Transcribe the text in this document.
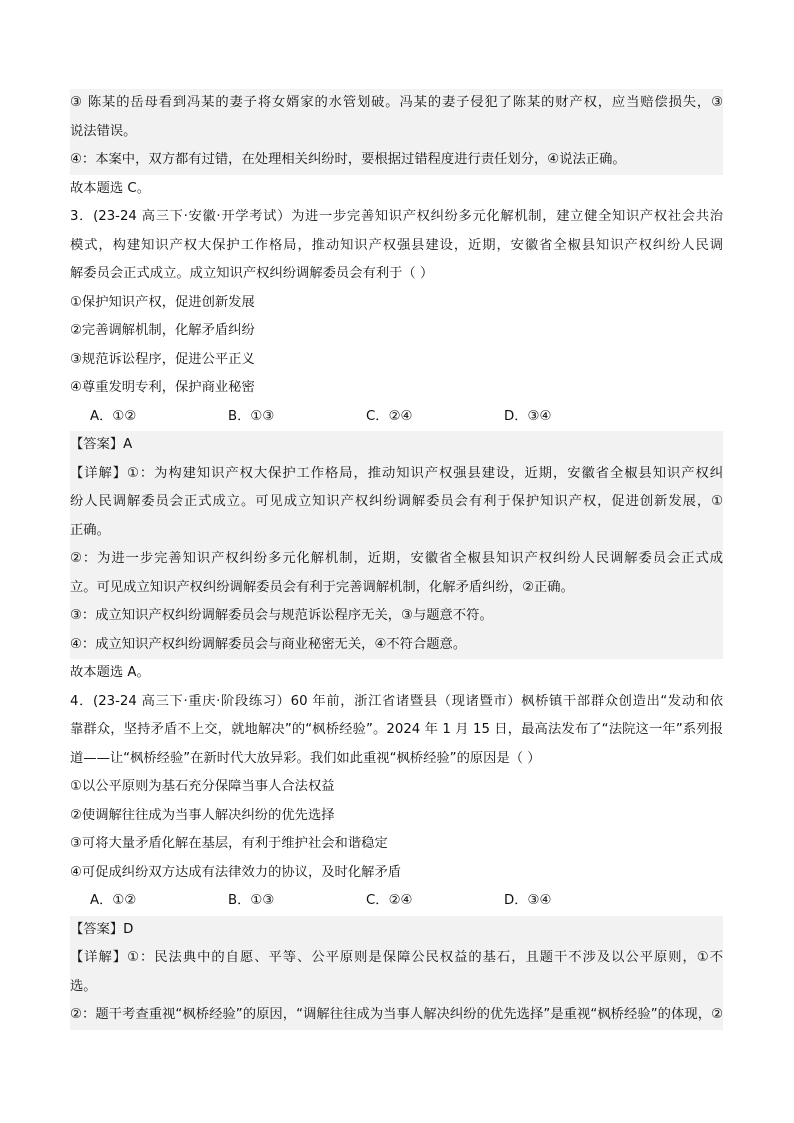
③ 陈某的岳母看到冯某的妻子将女婿家的水管划破。冯某的妻子侵犯了陈某的财产权，应当赔偿损失，③
说法错误。
④：本案中，双方都有过错，在处理相关纠纷时，要根据过错程度进行责任划分，④说法正确。
故本题选 C。
3．(23-24 高三下·安徽·开学考试）为进一步完善知识产权纠纷多元化解机制，建立健全知识产权社会共治
模式，构建知识产权大保护工作格局，推动知识产权强县建设，近期，安徽省全椒县知识产权纠纷人民调
解委员会正式成立。成立知识产权纠纷调解委员会有利于（ ）
①保护知识产权，促进创新发展
②完善调解机制，化解矛盾纠纷
③规范诉讼程序，促进公平正义
④尊重发明专利，保护商业秘密
A．①②	B．①③	C．②④	D．③④
【答案】A
【详解】①：为构建知识产权大保护工作格局，推动知识产权强县建设，近期，安徽省全椒县知识产权纠
纷人民调解委员会正式成立。可见成立知识产权纠纷调解委员会有利于保护知识产权，促进创新发展，①
正确。
②：为进一步完善知识产权纠纷多元化解机制，近期，安徽省全椒县知识产权纠纷人民调解委员会正式成
立。可见成立知识产权纠纷调解委员会有利于完善调解机制，化解矛盾纠纷，②正确。
③：成立知识产权纠纷调解委员会与规范诉讼程序无关，③与题意不符。
④：成立知识产权纠纷调解委员会与商业秘密无关，④不符合题意。
故本题选 A。
4．(23-24 高三下·重庆·阶段练习）60 年前，浙江省诸暨县（现诸暨市）枫桥镇干部群众创造出“发动和依
靠群众，坚持矛盾不上交，就地解决”的“枫桥经验”。2024 年 1 月 15 日，最高法发布了“法院这一年”系列报
道——让“枫桥经验”在新时代大放异彩。我们如此重视“枫桥经验”的原因是（ ）
①以公平原则为基石充分保障当事人合法权益
②使调解往往成为当事人解决纠纷的优先选择
③可将大量矛盾化解在基层，有利于维护社会和谐稳定
④可促成纠纷双方达成有法律效力的协议，及时化解矛盾
A．①②	B．①③	C．②④	D．③④
【答案】D
【详解】①：民法典中的自愿、平等、公平原则是保障公民权益的基石，且题干不涉及以公平原则，①不
选。
②：题干考查重视“枫桥经验”的原因，“调解往往成为当事人解决纠纷的优先选择”是重视“枫桥经验”的体现，②
